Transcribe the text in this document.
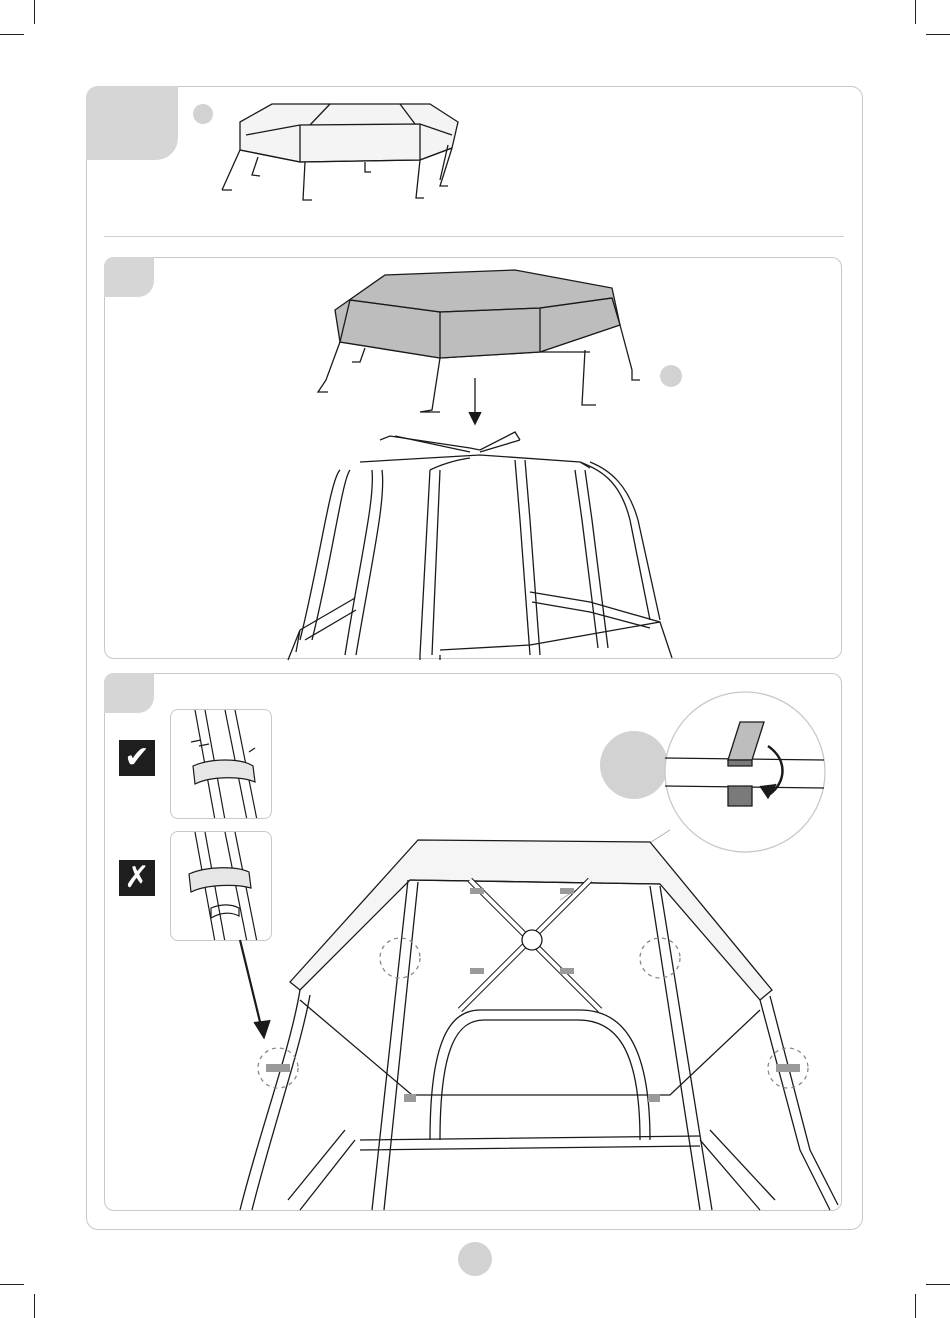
✔
✗
